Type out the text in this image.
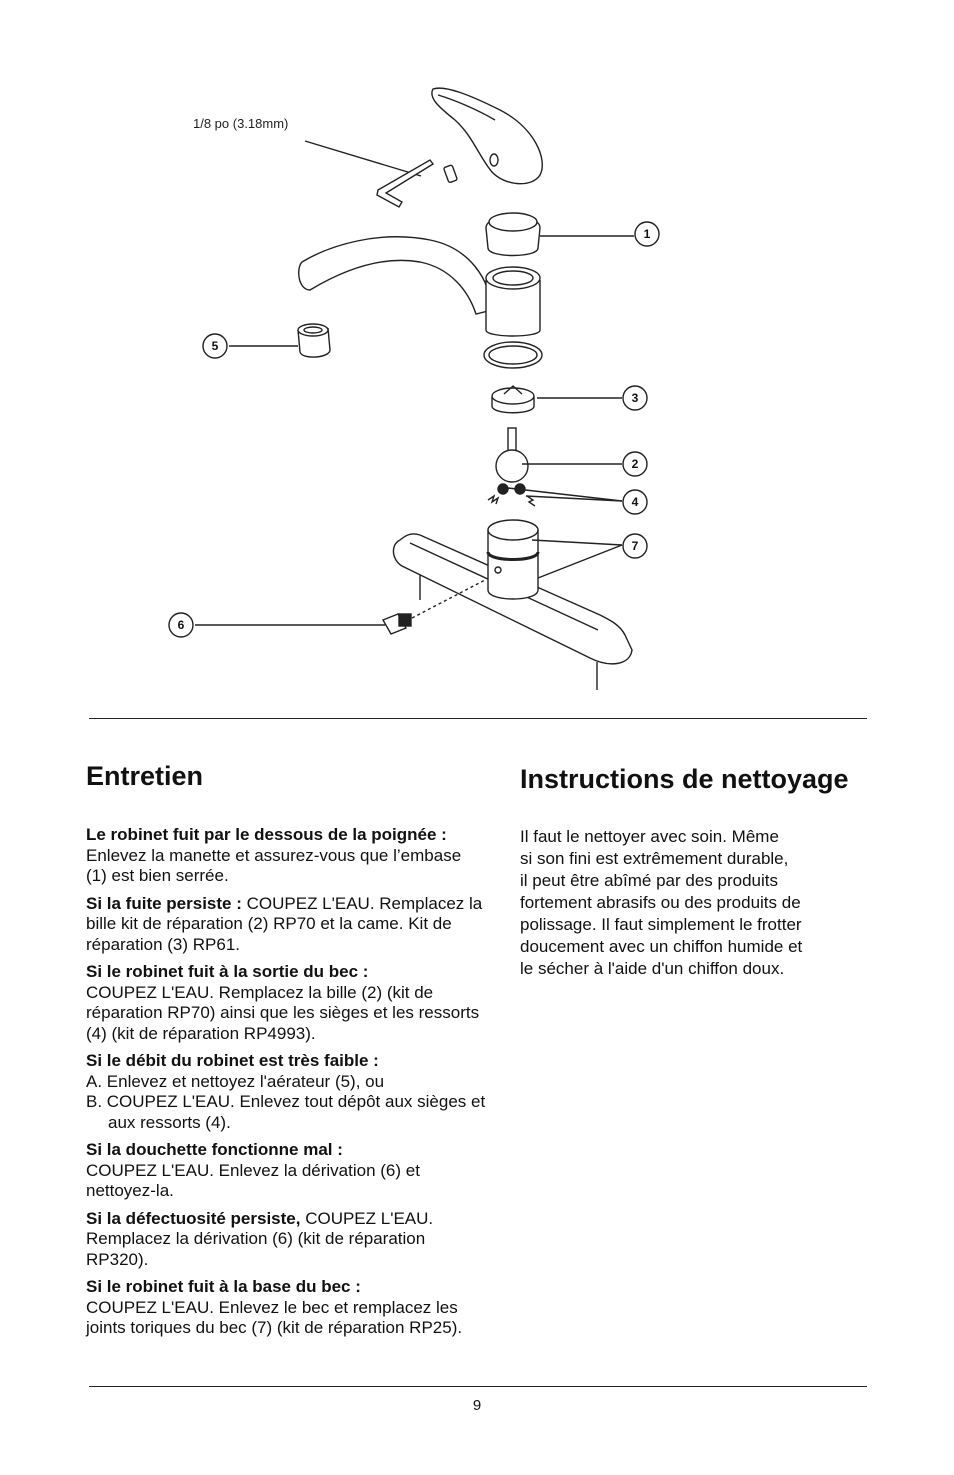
1/8 po (3.18mm)
1
3
2
4
7
5
6
Entretien	Instructions de nettoyage

Le robinet fuit par le dessous de la poignée :
Enlevez la manette et assurez-vous que l’embase (1) est bien serrée.

Si la fuite persiste : COUPEZ L'EAU. Remplacez la bille kit de réparation (2) RP70 et la came. Kit de réparation (3) RP61.

Si le robinet fuit à la sortie du bec :
COUPEZ L'EAU. Remplacez la bille (2) (kit de réparation RP70) ainsi que les sièges et les ressorts (4) (kit de réparation RP4993).

Si le débit du robinet est très faible :
A. Enlevez et nettoyez l'aérateur (5), ou
B. COUPEZ L'EAU. Enlevez tout dépôt aux sièges et aux ressorts (4).

Si la douchette fonctionne mal :
COUPEZ L'EAU. Enlevez la dérivation (6) et nettoyez-la.

Si la défectuosité persiste, COUPEZ L'EAU. Remplacez la dérivation (6) (kit de réparation RP320).

Si le robinet fuit à la base du bec :
COUPEZ L'EAU. Enlevez le bec et remplacez les joints toriques du bec (7) (kit de réparation RP25).

Il faut le nettoyer avec soin. Même
si son fini est extrêmement durable,
il peut être abîmé par des produits
fortement abrasifs ou des produits de
polissage. Il faut simplement le frotter
doucement avec un chiffon humide et
le sécher à l'aide d'un chiffon doux.
9
